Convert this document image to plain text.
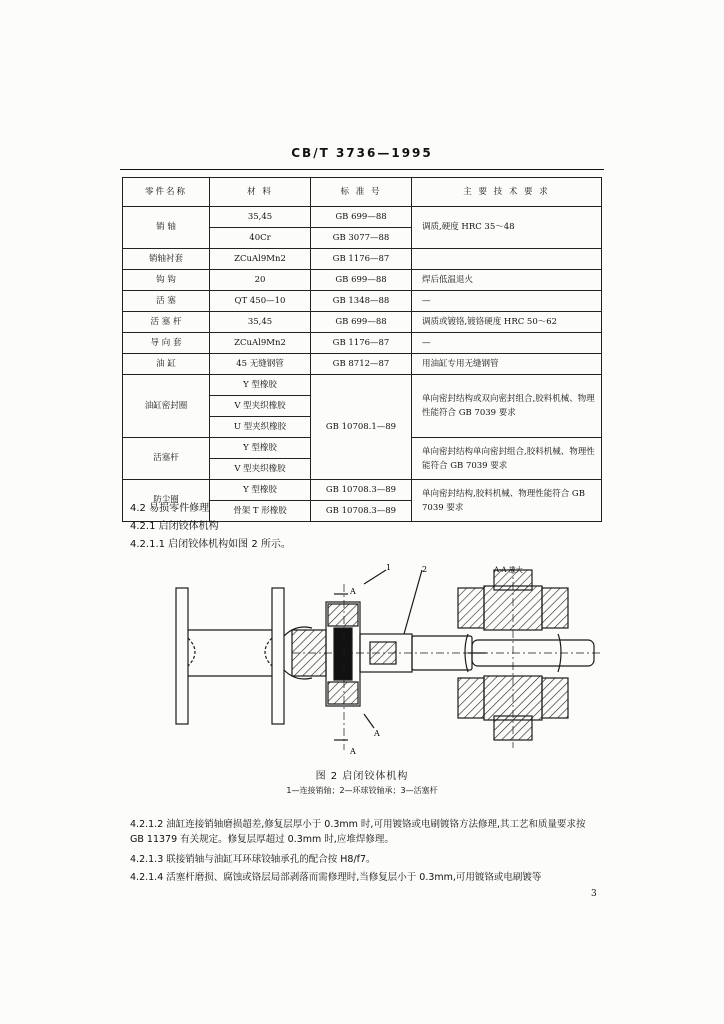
CB/T 3736—1995
零件名称	材 料	标 准 号	主 要 技 术 要 求
销 轴	35,45	GB 699—88	调质,硬度 HRC 35～48
	40Cr	GB 3077—88	
销轴衬套	ZCuAl9Mn2	GB 1176—87	
钩 钩	20	GB 699—88	焊后低温退火
活 塞	QT 450—10	GB 1348—88	—
活 塞 杆	35,45	GB 699—88	调质或镀铬,镀铬硬度 HRC 50～62
导 向 套	ZCuAl9Mn2	GB 1176—87	—
油 缸	45 无缝钢管	GB 8712—87	用油缸专用无缝钢管
油缸密封圈	Y 型橡胶	GB 10708.1—89	单向密封结构或双向密封组合,胶料机械、物理性能符合 GB 7039 要求
	V 型夹织橡胶		
	U 型夹织橡胶		
活塞杆	Y 型橡胶		单向密封结构单向密封组合,胶料机械、物理性能符合 GB 7039 要求
	V 型夹织橡胶		
防尘圈	Y 型橡胶	GB 10708.3—89	单向密封结构,胶料机械、物理性能符合 GB 7039 要求
	骨架 T 形橡胶	GB 10708.3—89	
4.2 易损零件修理
4.2.1 启闭铰体机构
4.2.1.1 启闭铰体机构如图 2 所示。
A
A
A
1	2	A-A 放大
图 2 启闭铰体机构
1—连接销轴；2—环球铰轴承；3—活塞杆
4.2.1.2 油缸连接销轴磨损超差,修复层厚小于 0.3mm 时,可用镀铬或电刷镀铬方法修理,其工艺和质量要求按 GB 11379 有关规定。修复层厚超过 0.3mm 时,应堆焊修理。
4.2.1.3 联接销轴与油缸耳环球铰轴承孔的配合按 H8/f7。
4.2.1.4 活塞杆磨损、腐蚀或铬层局部剥落而需修理时,当修复层小于 0.3mm,可用镀铬或电刷镀等
3
